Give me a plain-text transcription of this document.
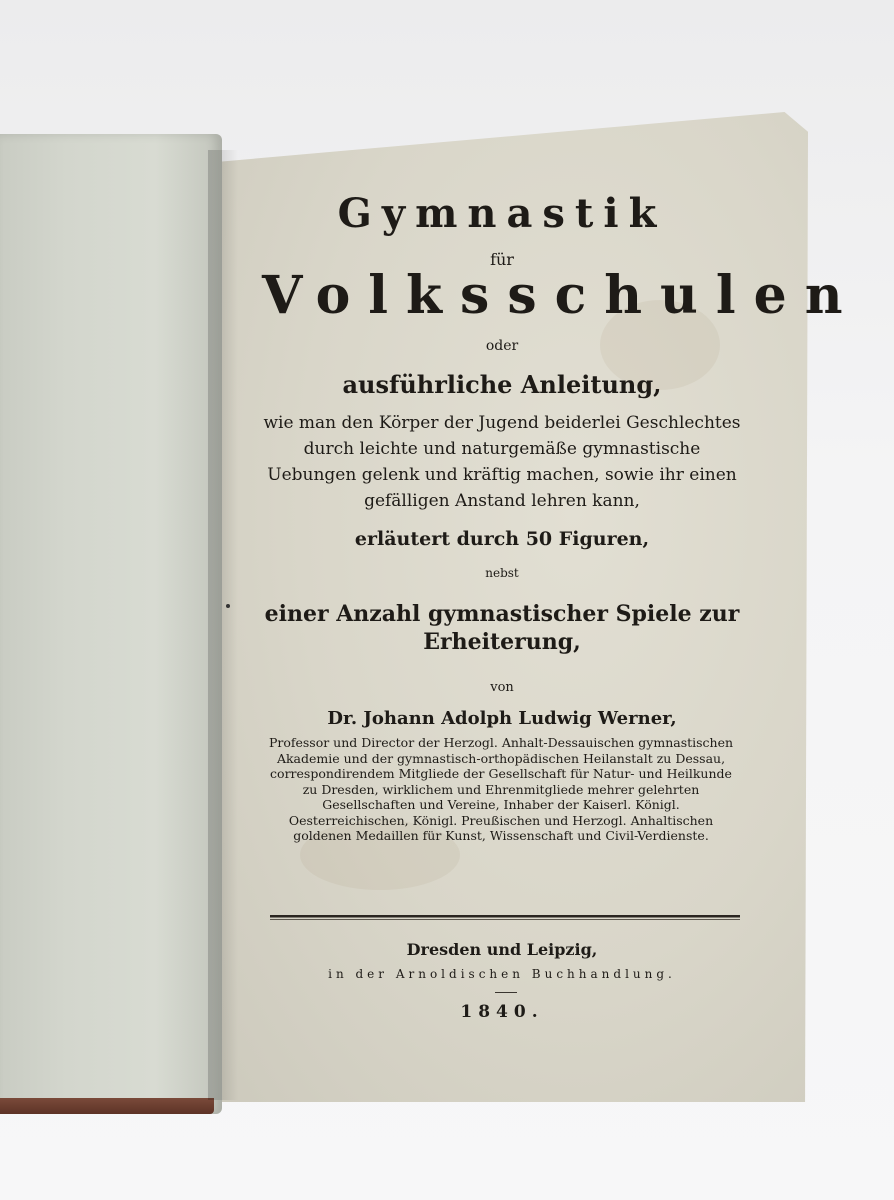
Gymnastik
für
Volksschulen
oder
ausführliche Anleitung,
wie man den Körper der Jugend beiderlei Geschlechtes durch leichte und naturgemäße gymnastische Uebungen gelenk und kräftig machen, sowie ihr einen gefälligen Anstand lehren kann,
erläutert durch 50 Figuren,
nebst
einer Anzahl gymnastischer Spiele zur Erheiterung,
von
Dr. Johann Adolph Ludwig Werner,
Professor und Director der Herzogl. Anhalt-Dessauischen gymnastischen Akademie und der gymnastisch-orthopädischen Heilanstalt zu Dessau, correspondirendem Mitgliede der Gesellschaft für Natur- und Heilkunde zu Dresden, wirklichem und Ehrenmitgliede mehrer gelehrten Gesellschaften und Vereine, Inhaber der Kaiserl. Königl. Oesterreichischen, Königl. Preußischen und Herzogl. Anhaltischen goldenen Medaillen für Kunst, Wissenschaft und Civil-Verdienste.
Dresden und Leipzig,
in der Arnoldischen Buchhandlung.
1840.
